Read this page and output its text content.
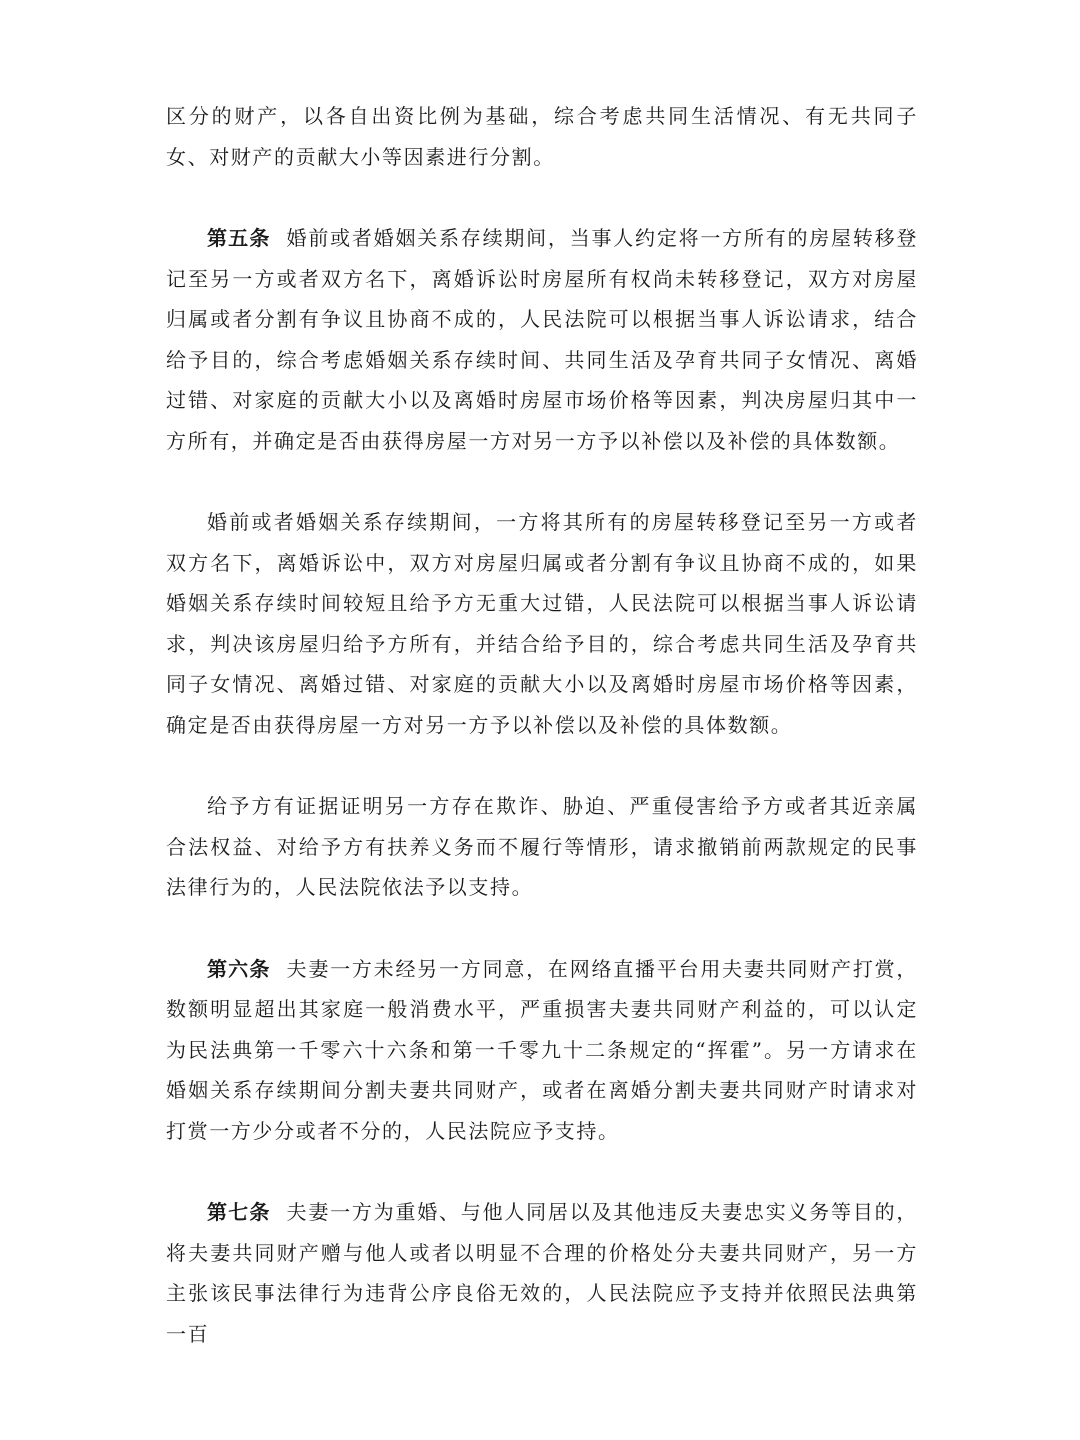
区分的财产，以各自出资比例为基础，综合考虑共同生活情况、有无共同子女、对财产的贡献大小等因素进行分割。

第五条 婚前或者婚姻关系存续期间，当事人约定将一方所有的房屋转移登记至另一方或者双方名下，离婚诉讼时房屋所有权尚未转移登记，双方对房屋归属或者分割有争议且协商不成的，人民法院可以根据当事人诉讼请求，结合给予目的，综合考虑婚姻关系存续时间、共同生活及孕育共同子女情况、离婚过错、对家庭的贡献大小以及离婚时房屋市场价格等因素，判决房屋归其中一方所有，并确定是否由获得房屋一方对另一方予以补偿以及补偿的具体数额。

婚前或者婚姻关系存续期间，一方将其所有的房屋转移登记至另一方或者双方名下，离婚诉讼中，双方对房屋归属或者分割有争议且协商不成的，如果婚姻关系存续时间较短且给予方无重大过错，人民法院可以根据当事人诉讼请求，判决该房屋归给予方所有，并结合给予目的，综合考虑共同生活及孕育共同子女情况、离婚过错、对家庭的贡献大小以及离婚时房屋市场价格等因素，确定是否由获得房屋一方对另一方予以补偿以及补偿的具体数额。

给予方有证据证明另一方存在欺诈、胁迫、严重侵害给予方或者其近亲属合法权益、对给予方有扶养义务而不履行等情形，请求撤销前两款规定的民事法律行为的，人民法院依法予以支持。

第六条 夫妻一方未经另一方同意，在网络直播平台用夫妻共同财产打赏，数额明显超出其家庭一般消费水平，严重损害夫妻共同财产利益的，可以认定为民法典第一千零六十六条和第一千零九十二条规定的“挥霍”。另一方请求在婚姻关系存续期间分割夫妻共同财产，或者在离婚分割夫妻共同财产时请求对打赏一方少分或者不分的，人民法院应予支持。

第七条 夫妻一方为重婚、与他人同居以及其他违反夫妻忠实义务等目的，将夫妻共同财产赠与他人或者以明显不合理的价格处分夫妻共同财产，另一方主张该民事法律行为违背公序良俗无效的，人民法院应予支持并依照民法典第一百
